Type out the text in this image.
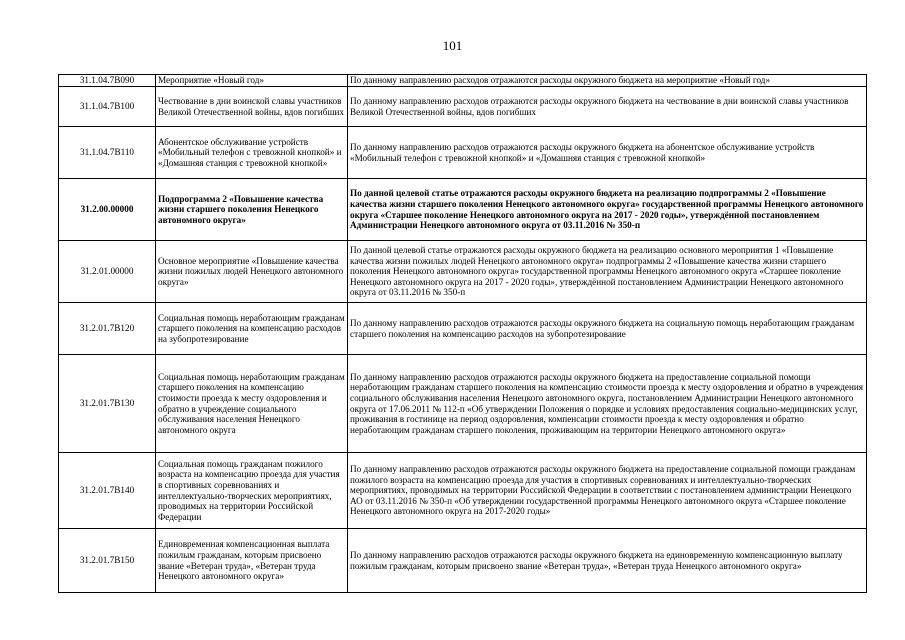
101
31.1.04.7В090	Мероприятие «Новый год»	По данному направлению расходов отражаются расходы окружного бюджета на мероприятие «Новый год»
31.1.04.7В100	Чествование в дни воинской славы участников Великой Отечественной войны, вдов погибших	По данному направлению расходов отражаются расходы окружного бюджета на чествование в дни воинской славы участников Великой Отечественной войны, вдов погибших
31.1.04.7В110	Абонентское обслуживание устройств «Мобильный телефон с тревожной кнопкой» и «Домашняя станция с тревожной кнопкой»	По данному направлению расходов отражаются расходы окружного бюджета на абонентское обслуживание устройств «Мобильный телефон с тревожной кнопкой» и «Домашняя станция с тревожной кнопкой»
31.2.00.00000	Подпрограмма 2 «Повышение качества жизни старшего поколения Ненецкого автономного округа»	По данной целевой статье отражаются расходы окружного бюджета на реализацию подпрограммы 2 «Повышение качества жизни старшего поколения Ненецкого автономного округа» государственной программы Ненецкого автономного округа «Старшее поколение Ненецкого автономного округа на 2017 - 2020 годы», утверждённой постановлением Администрации Ненецкого автономного округа от 03.11.2016 № 350-п
31.2.01.00000	Основное мероприятие «Повышение качества жизни пожилых людей Ненецкого автономного округа»	По данной целевой статье отражаются расходы окружного бюджета на реализацию основного мероприятия 1 «Повышение качества жизни пожилых людей Ненецкого автономного округа» подпрограммы 2 «Повышение качества жизни старшего поколения Ненецкого автономного округа» государственной программы Ненецкого автономного округа «Старшее поколение Ненецкого автономного округа на 2017 - 2020 годы», утверждённой постановлением Администрации Ненецкого автономного округа от 03.11.2016 № 350-п
31.2.01.7В120	Социальная помощь неработающим гражданам старшего поколения на компенсацию расходов на зубопротезирование	По данному направлению расходов отражаются расходы окружного бюджета на социальную помощь неработающим гражданам старшего поколения на компенсацию расходов на зубопротезирование
31.2.01.7В130	Социальная помощь неработающим гражданам старшего поколения на компенсацию стоимости проезда к месту оздоровления и обратно в учреждение социального обслуживания населения Ненецкого автономного округа	По данному направлению расходов отражаются расходы окружного бюджета на предоставление социальной помощи неработающим гражданам старшего поколения на компенсацию стоимости проезда к месту оздоровления и обратно в учреждения социального обслуживания населения Ненецкого автономного округа, постановлением Администрации Ненецкого автономного округа от 17.06.2011 № 112-п «Об утверждении Положения о порядке и условиях предоставления социально-медицинских услуг, проживания в гостинице на период оздоровления, компенсации стоимости проезда к месту оздоровления и обратно неработающим гражданам старшего поколения, проживающим на территории Ненецкого автономного округа»
31.2.01.7В140	Социальная помощь гражданам пожилого возраста на компенсацию проезда для участия в спортивных соревнованиях и интеллектуально-творческих мероприятиях, проводимых на территории Российской Федерации	По данному направлению расходов отражаются расходы окружного бюджета на предоставление социальной помощи гражданам пожилого возраста на компенсацию проезда для участия в спортивных соревнованиях и интеллектуально-творческих мероприятиях, проводимых на территории Российской Федерации в соответствии с постановлением администрации Ненецкого АО от 03.11.2016 № 350-п «Об утверждении государственной программы Ненецкого автономного округа «Старшее поколение Ненецкого автономного округа на 2017-2020 годы»
31.2.01.7В150	Единовременная компенсационная выплата пожилым гражданам, которым присвоено звание «Ветеран труда», «Ветеран труда Ненецкого автономного округа»	По данному направлению расходов отражаются расходы окружного бюджета на единовременную компенсационную выплату пожилым гражданам, которым присвоено звание «Ветеран труда», «Ветеран труда Ненецкого автономного округа»
